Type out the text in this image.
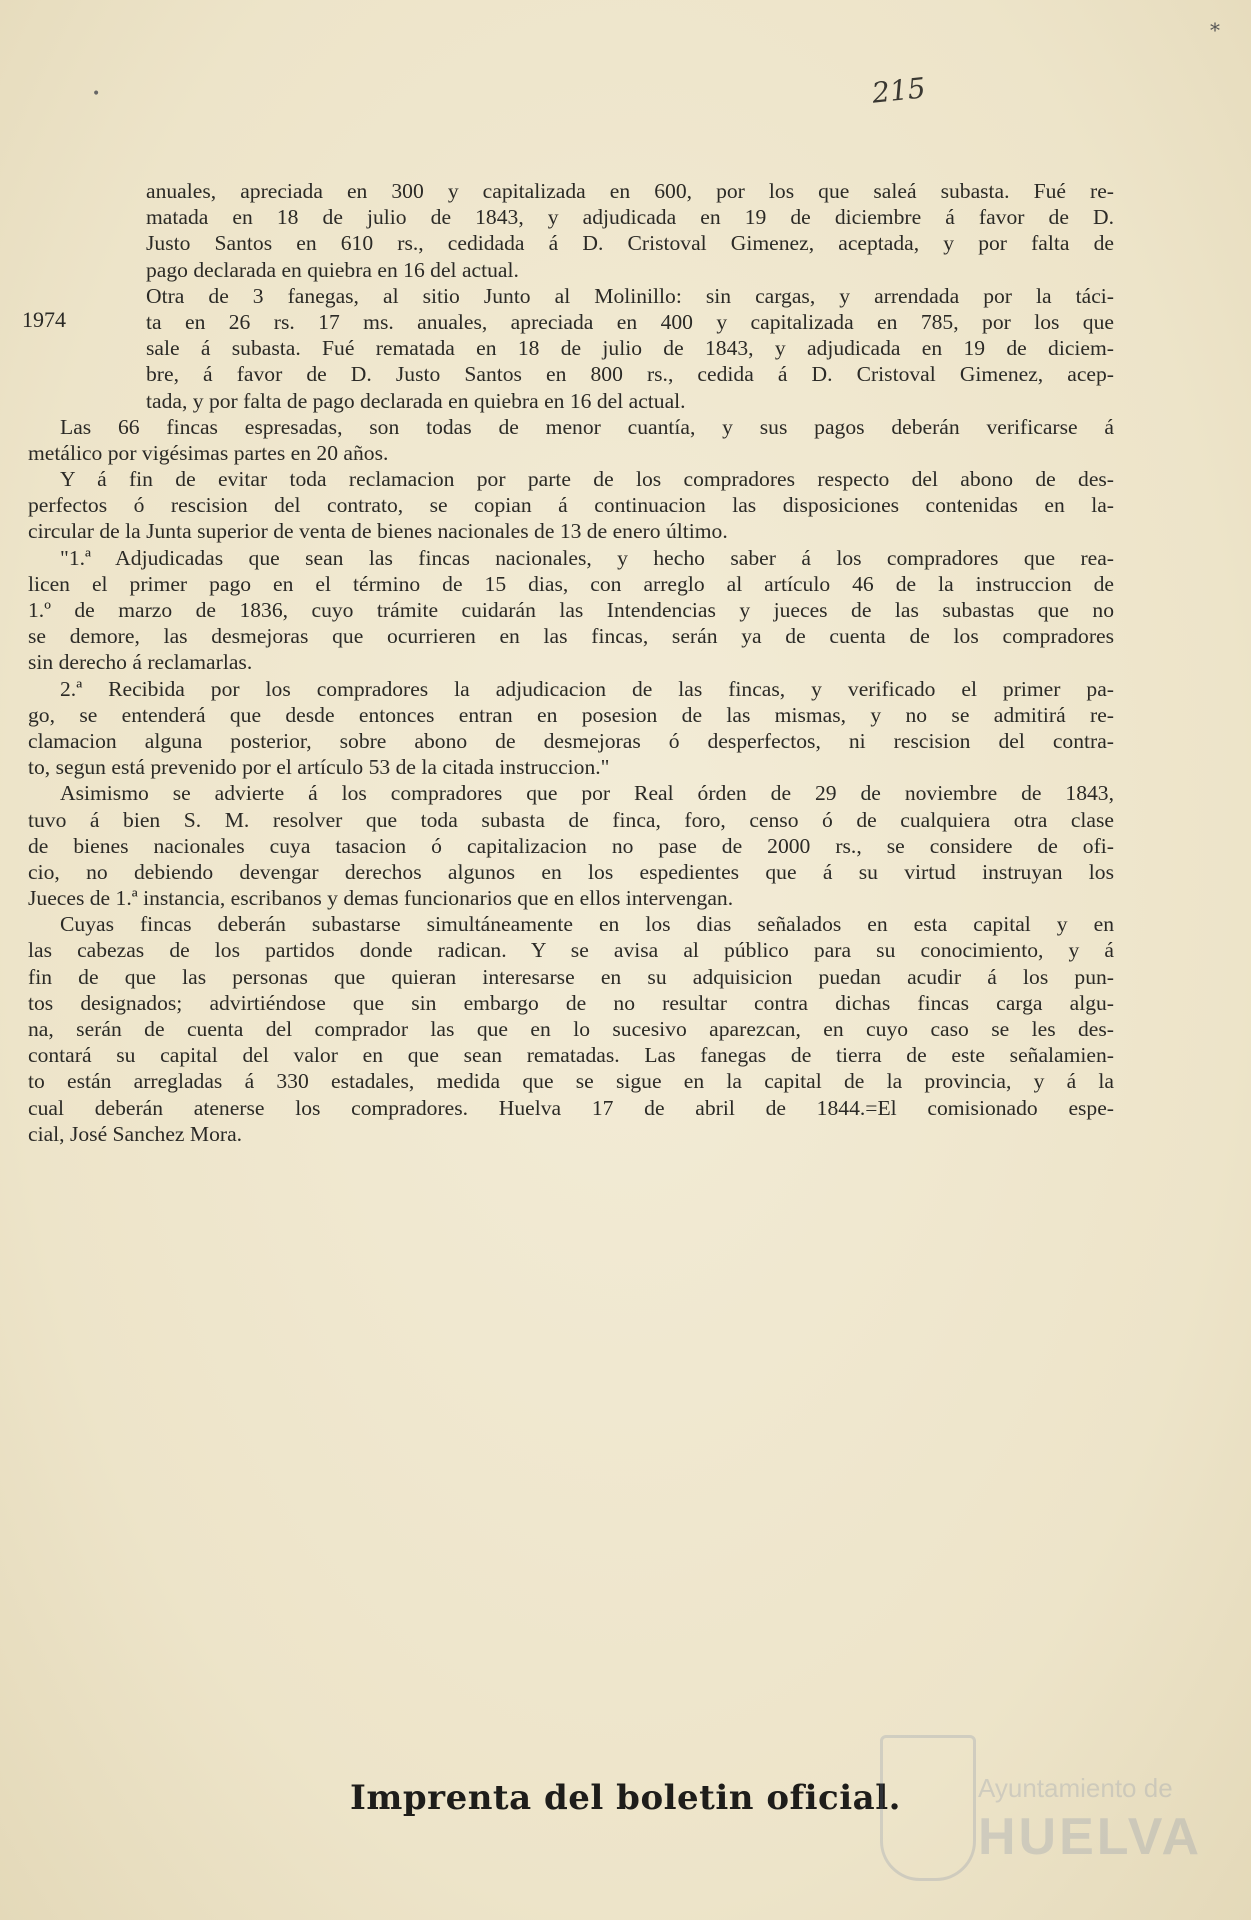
*
•	215
1974
anuales, apreciada en 300 y capitalizada en 600, por los que saleá subasta. Fué re-
matada en 18 de julio de 1843, y adjudicada en 19 de diciembre á favor de D.
Justo Santos en 610 rs., cedidada á D. Cristoval Gimenez, aceptada, y por falta de
pago declarada en quiebra en 16 del actual.
Otra de 3 fanegas, al sitio Junto al Molinillo: sin cargas, y arrendada por la táci-
ta en 26 rs. 17 ms. anuales, apreciada en 400 y capitalizada en 785, por los que
sale á subasta. Fué rematada en 18 de julio de 1843, y adjudicada en 19 de diciem-
bre, á favor de D. Justo Santos en 800 rs., cedida á D. Cristoval Gimenez, acep-
tada, y por falta de pago declarada en quiebra en 16 del actual.
Las 66 fincas espresadas, son todas de menor cuantía, y sus pagos deberán verificarse á
metálico por vigésimas partes en 20 años.
Y á fin de evitar toda reclamacion por parte de los compradores respecto del abono de des-
perfectos ó rescision del contrato, se copian á continuacion las disposiciones contenidas en la-
circular de la Junta superior de venta de bienes nacionales de 13 de enero último.
"1.ª Adjudicadas que sean las fincas nacionales, y hecho saber á los compradores que rea-
licen el primer pago en el término de 15 dias, con arreglo al artículo 46 de la instruccion de
1.º de marzo de 1836, cuyo trámite cuidarán las Intendencias y jueces de las subastas que no
se demore, las desmejoras que ocurrieren en las fincas, serán ya de cuenta de los compradores
sin derecho á reclamarlas.
2.ª Recibida por los compradores la adjudicacion de las fincas, y verificado el primer pa-
go, se entenderá que desde entonces entran en posesion de las mismas, y no se admitirá re-
clamacion alguna posterior, sobre abono de desmejoras ó desperfectos, ni rescision del contra-
to, segun está prevenido por el artículo 53 de la citada instruccion."
Asimismo se advierte á los compradores que por Real órden de 29 de noviembre de 1843,
tuvo á bien S. M. resolver que toda subasta de finca, foro, censo ó de cualquiera otra clase
de bienes nacionales cuya tasacion ó capitalizacion no pase de 2000 rs., se considere de ofi-
cio, no debiendo devengar derechos algunos en los espedientes que á su virtud instruyan los
Jueces de 1.ª instancia, escribanos y demas funcionarios que en ellos intervengan.
Cuyas fincas deberán subastarse simultáneamente en los dias señalados en esta capital y en
las cabezas de los partidos donde radican. Y se avisa al público para su conocimiento, y á
fin de que las personas que quieran interesarse en su adquisicion puedan acudir á los pun-
tos designados; advirtiéndose que sin embargo de no resultar contra dichas fincas carga algu-
na, serán de cuenta del comprador las que en lo sucesivo aparezcan, en cuyo caso se les des-
contará su capital del valor en que sean rematadas. Las fanegas de tierra de este señalamien-
to están arregladas á 330 estadales, medida que se sigue en la capital de la provincia, y á la
cual deberán atenerse los compradores. Huelva 17 de abril de 1844.=El comisionado espe-
cial, José Sanchez Mora.
Imprenta del boletin oficial.	Ayuntamiento de
HUELVA
